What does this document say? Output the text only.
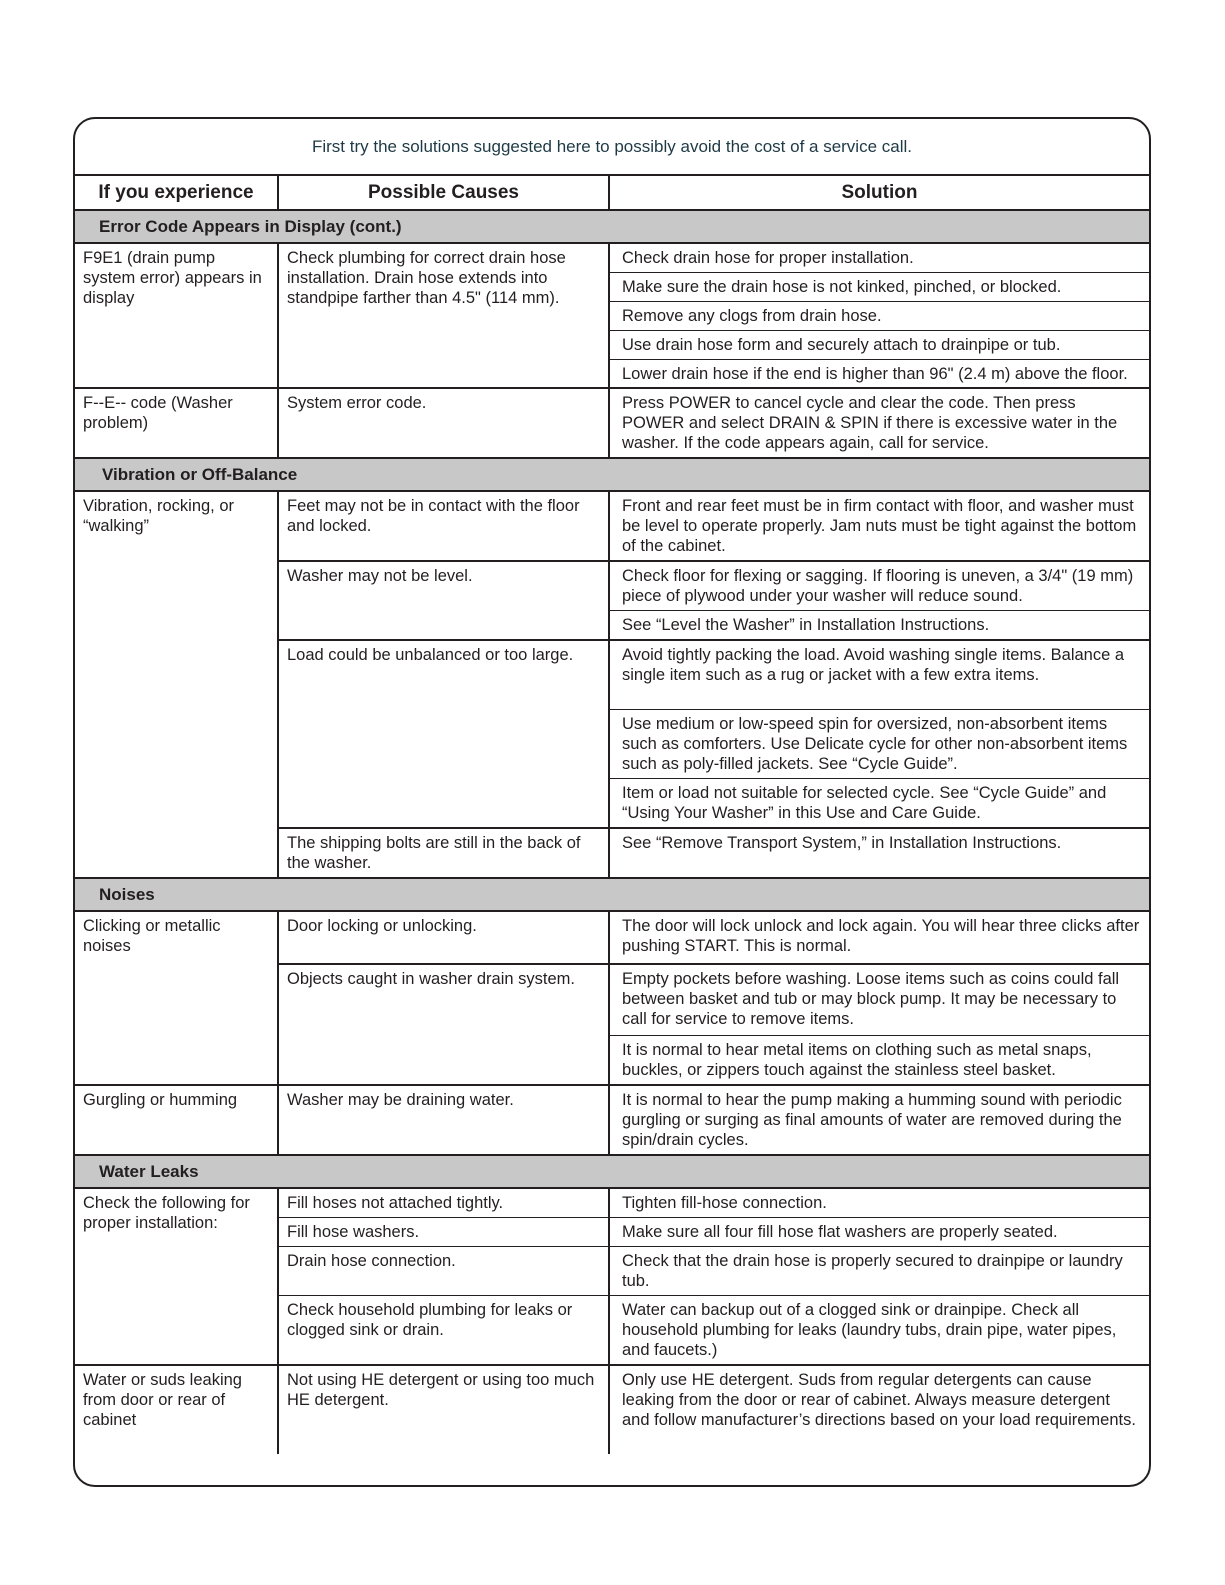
First try the solutions suggested here to possibly avoid the cost of a service call.
If you experience	Possible Causes	Solution
Error Code Appears in Display (cont.)		
F9E1 (drain pump system error) appears in display	Check plumbing for correct drain hose installation. Drain hose extends into standpipe farther than 4.5" (114 mm).	Check drain hose for proper installation.
		Make sure the drain hose is not kinked, pinched, or blocked.
		Remove any clogs from drain hose.
		Use drain hose form and securely attach to drainpipe or tub.
		Lower drain hose if the end is higher than 96" (2.4 m) above the floor.
F--E-- code (Washer problem)	System error code.	Press POWER to cancel cycle and clear the code. Then press POWER and select DRAIN & SPIN if there is excessive water in the washer. If the code appears again, call for service.
Vibration or Off-Balance		
Vibration, rocking, or “walking”	Feet may not be in contact with the floor and locked.	Front and rear feet must be in firm contact with floor, and washer must be level to operate properly. Jam nuts must be tight against the bottom of the cabinet.
	Washer may not be level.	Check floor for flexing or sagging. If flooring is uneven, a 3/4" (19 mm) piece of plywood under your washer will reduce sound.
		See “Level the Washer” in Installation Instructions.
	Load could be unbalanced or too large.	Avoid tightly packing the load. Avoid washing single items. Balance a single item such as a rug or jacket with a few extra items.
		Use medium or low-speed spin for oversized, non-absorbent items such as comforters. Use Delicate cycle for other non-absorbent items such as poly-filled jackets. See “Cycle Guide”.
		Item or load not suitable for selected cycle. See “Cycle Guide” and “Using Your Washer” in this Use and Care Guide.
	The shipping bolts are still in the back of the washer.	See “Remove Transport System,” in Installation Instructions.
Noises		
Clicking or metallic noises	Door locking or unlocking.	The door will lock unlock and lock again. You will hear three clicks after pushing START. This is normal.
	Objects caught in washer drain system.	Empty pockets before washing. Loose items such as coins could fall between basket and tub or may block pump. It may be necessary to call for service to remove items.
		It is normal to hear metal items on clothing such as metal snaps, buckles, or zippers touch against the stainless steel basket.
Gurgling or humming	Washer may be draining water.	It is normal to hear the pump making a humming sound with periodic gurgling or surging as final amounts of water are removed during the spin/drain cycles.
Water Leaks		
Check the following for proper installation:	Fill hoses not attached tightly.	Tighten fill-hose connection.
	Fill hose washers.	Make sure all four fill hose flat washers are properly seated.
	Drain hose connection.	Check that the drain hose is properly secured to drainpipe or laundry tub.
	Check household plumbing for leaks or clogged sink or drain.	Water can backup out of a clogged sink or drainpipe. Check all household plumbing for leaks (laundry tubs, drain pipe, water pipes, and faucets.)
Water or suds leaking from door or rear of cabinet	Not using HE detergent or using too much HE detergent.	Only use HE detergent. Suds from regular detergents can cause leaking from the door or rear of cabinet. Always measure detergent and follow manufacturer’s directions based on your load requirements.
